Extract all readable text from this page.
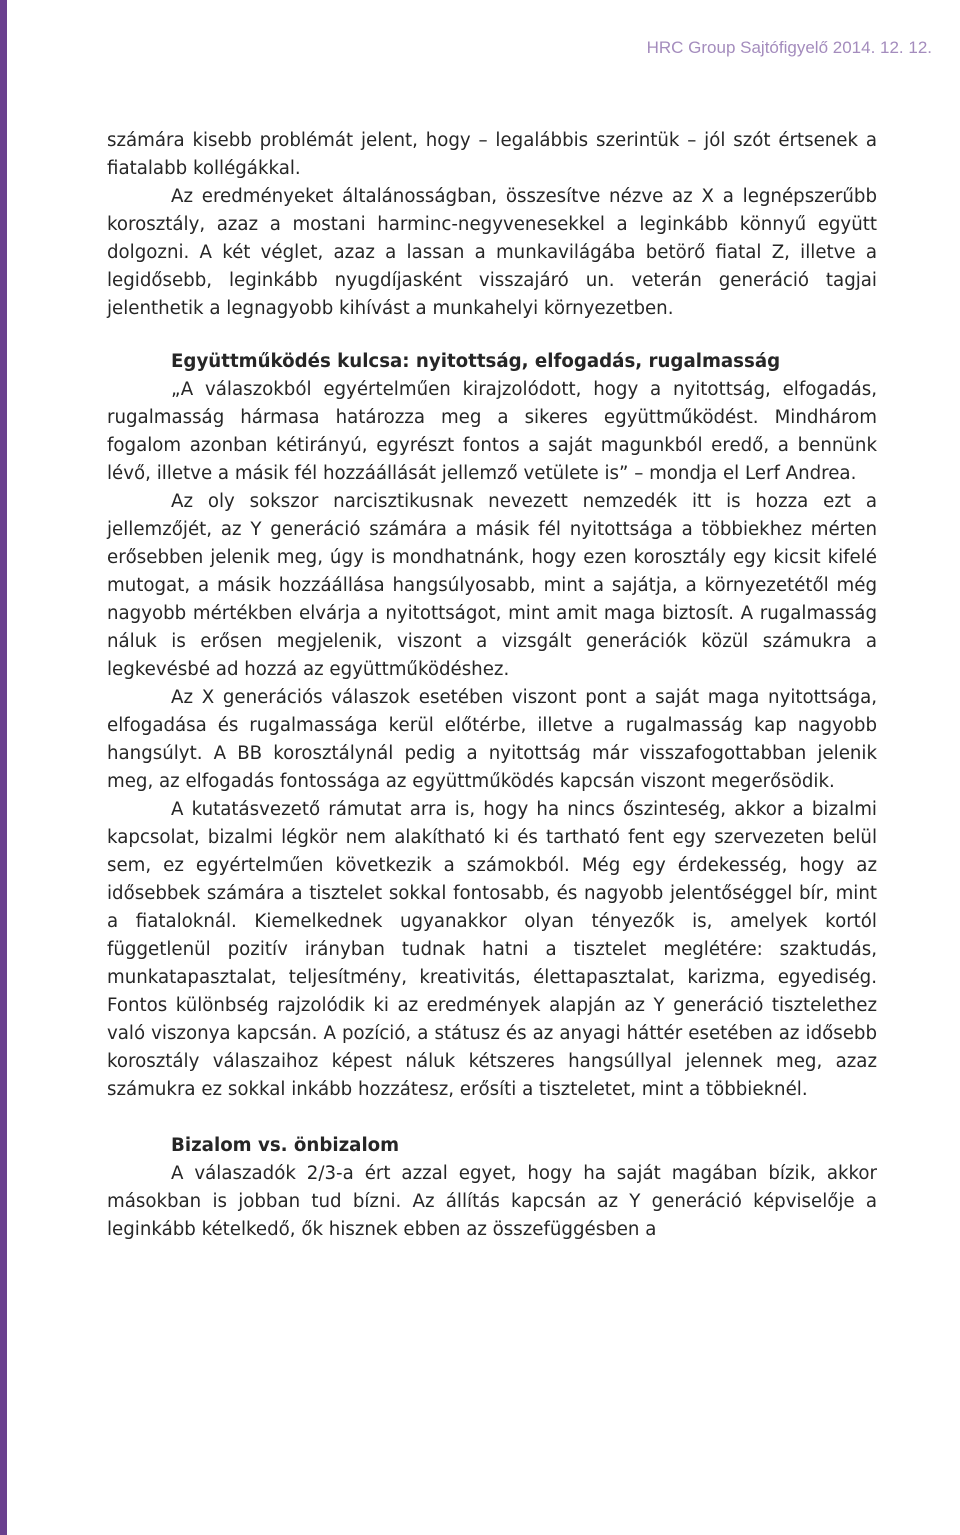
HRC Group Sajtófigyelő 2014. 12. 12.

számára kisebb problémát jelent, hogy – legalábbis szerintük – jól szót értsenek a fiatalabb kollégákkal.

Az eredményeket általánosságban, összesítve nézve az X a legnépszerűbb korosztály, azaz a mostani harminc-negyvenesekkel a leginkább könnyű együtt dolgozni. A két véglet, azaz a lassan a munkavilágába betörő fiatal Z, illetve a legidősebb, leginkább nyugdíjasként visszajáró un. veterán generáció tagjai jelenthetik a legnagyobb kihívást a munkahelyi környezetben.

Együttműködés kulcsa: nyitottság, elfogadás, rugalmasság

„A válaszokból egyértelműen kirajzolódott, hogy a nyitottság, elfogadás, rugalmasság hármasa határozza meg a sikeres együttműködést. Mindhárom fogalom azonban kétirányú, egyrészt fontos a saját magunkból eredő, a bennünk lévő, illetve a másik fél hozzáállását jellemző vetülete is” – mondja el Lerf Andrea.

Az oly sokszor narcisztikusnak nevezett nemzedék itt is hozza ezt a jellemzőjét, az Y generáció számára a másik fél nyitottsága a többiekhez mérten erősebben jelenik meg, úgy is mondhatnánk, hogy ezen korosztály egy kicsit kifelé mutogat, a másik hozzáállása hangsúlyosabb, mint a sajátja, a környezetétől még nagyobb mértékben elvárja a nyitottságot, mint amit maga biztosít. A rugalmasság náluk is erősen megjelenik, viszont a vizsgált generációk közül számukra a legkevésbé ad hozzá az együttműködéshez.

Az X generációs válaszok esetében viszont pont a saját maga nyitottsága, elfogadása és rugalmassága kerül előtérbe, illetve a rugalmasság kap nagyobb hangsúlyt. A BB korosztálynál pedig a nyitottság már visszafogottabban jelenik meg, az elfogadás fontossága az együttműködés kapcsán viszont megerősödik.

A kutatásvezető rámutat arra is, hogy ha nincs őszinteség, akkor a bizalmi kapcsolat, bizalmi légkör nem alakítható ki és tartható fent egy szervezeten belül sem, ez egyértelműen következik a számokból. Még egy érdekesség, hogy az idősebbek számára a tisztelet sokkal fontosabb, és nagyobb jelentőséggel bír, mint a fiataloknál. Kiemelkednek ugyanakkor olyan tényezők is, amelyek kortól függetlenül pozitív irányban tudnak hatni a tisztelet meglétére: szaktudás, munkatapasztalat, teljesítmény, kreativitás, élettapasztalat, karizma, egyediség. Fontos különbség rajzolódik ki az eredmények alapján az Y generáció tisztelethez való viszonya kapcsán. A pozíció, a státusz és az anyagi háttér esetében az idősebb korosztály válaszaihoz képest náluk kétszeres hangsúllyal jelennek meg, azaz számukra ez sokkal inkább hozzátesz, erősíti a tiszteletet, mint a többieknél.

Bizalom vs. önbizalom

A válaszadók 2/3-a ért azzal egyet, hogy ha saját magában bízik, akkor másokban is jobban tud bízni. Az állítás kapcsán az Y generáció képviselője a leginkább kételkedő, ők hisznek ebben az összefüggésben a
